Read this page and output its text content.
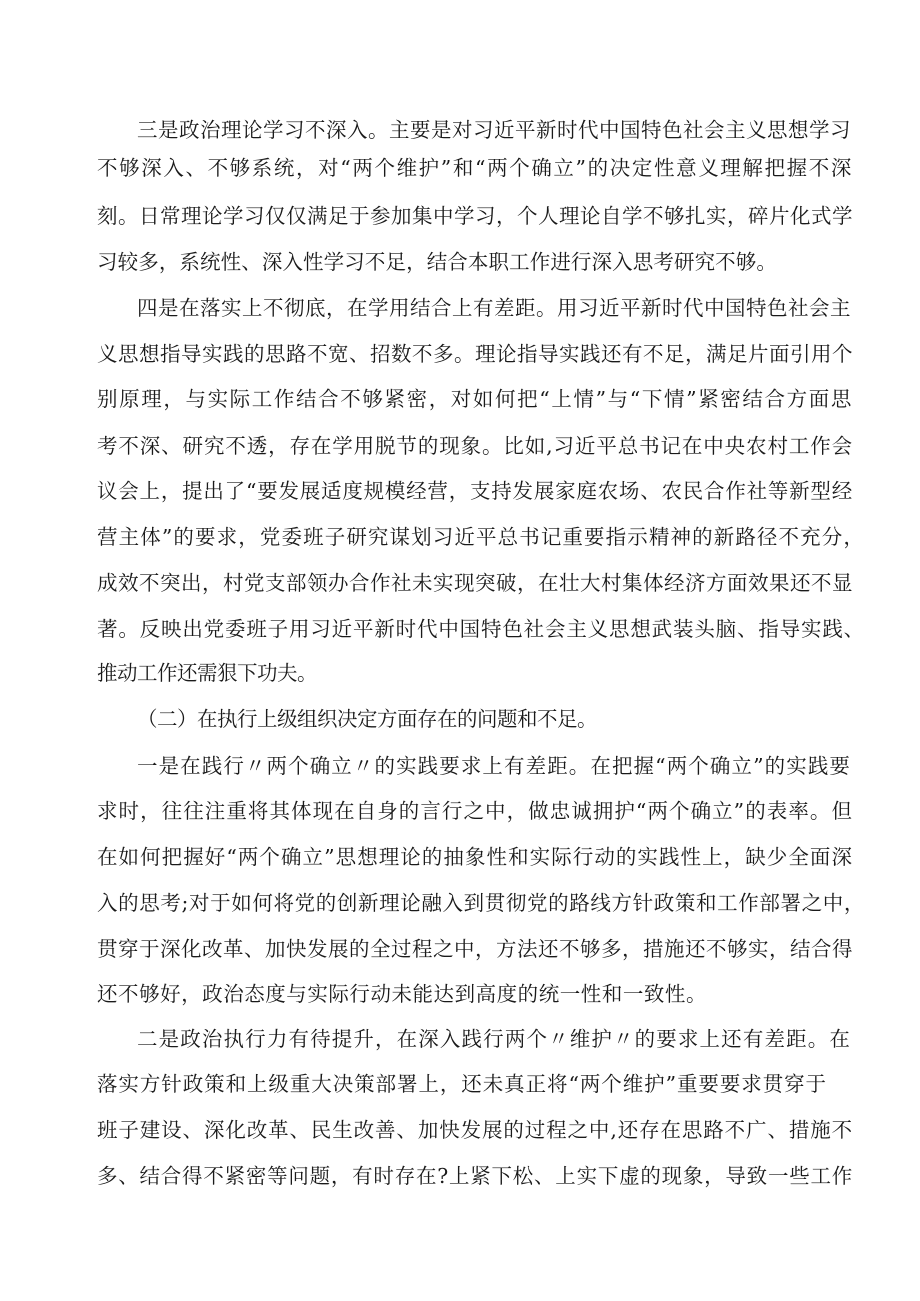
三是政治理论学习不深入。主要是对习近平新时代中国特色社会主义思想学习
不够深入、不够系统，对“两个维护”和“两个确立”的决定性意义理解把握不深
刻。日常理论学习仅仅满足于参加集中学习，个人理论自学不够扎实，碎片化式学
习较多，系统性、深入性学习不足，结合本职工作进行深入思考研究不够。
四是在落实上不彻底，在学用结合上有差距。用习近平新时代中国特色社会主
义思想指导实践的思路不宽、招数不多。理论指导实践还有不足，满足片面引用个
别原理，与实际工作结合不够紧密，对如何把“上情”与“下情”紧密结合方面思
考不深、研究不透，存在学用脱节的现象。比如,习近平总书记在中央农村工作会
议会上，提出了“要发展适度规模经营，支持发展家庭农场、农民合作社等新型经
营主体”的要求，党委班子研究谋划习近平总书记重要指示精神的新路径不充分，
成效不突出，村党支部领办合作社未实现突破，在壮大村集体经济方面效果还不显
著。反映出党委班子用习近平新时代中国特色社会主义思想武装头脑、指导实践、
推动工作还需狠下功夫。
（二）在执行上级组织决定方面存在的问题和不足。
一是在践行〃两个确立〃的实践要求上有差距。在把握“两个确立”的实践要
求时，往往注重将其体现在自身的言行之中，做忠诚拥护“两个确立”的表率。但
在如何把握好“两个确立”思想理论的抽象性和实际行动的实践性上，缺少全面深
入的思考;对于如何将党的创新理论融入到贯彻党的路线方针政策和工作部署之中，
贯穿于深化改革、加快发展的全过程之中，方法还不够多，措施还不够实，结合得
还不够好，政治态度与实际行动未能达到高度的统一性和一致性。
二是政治执行力有待提升，在深入践行两个〃维护〃的要求上还有差距。在
落实方针政策和上级重大决策部署上，还未真正将“两个维护”重要要求贯穿于
班子建设、深化改革、民生改善、加快发展的过程之中,还存在思路不广、措施不
多、结合得不紧密等问题，有时存在?上紧下松、上实下虚的现象，导致一些工作
